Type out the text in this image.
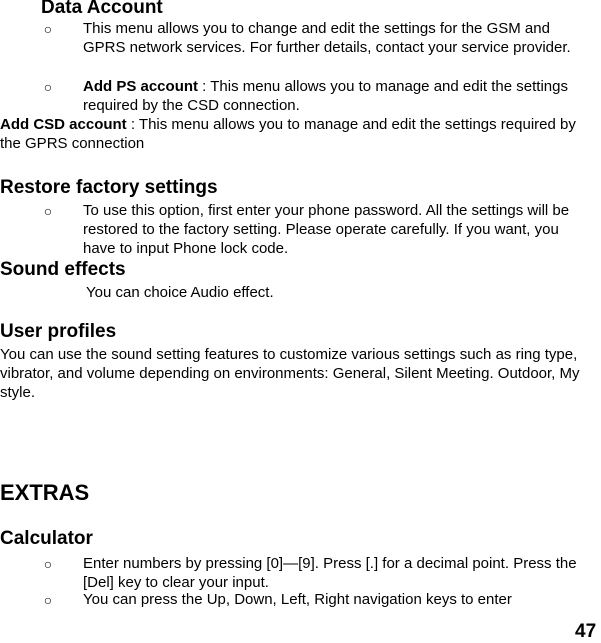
Data Account
○ This menu allows you to change and edit the settings for the GSM and GPRS network services. For further details, contact your service provider.
○ Add PS account : This menu allows you to manage and edit the settings required by the CSD connection.
Add CSD account : This menu allows you to manage and edit the settings required by the GPRS connection
Restore factory settings
○ To use this option, first enter your phone password. All the settings will be restored to the factory setting. Please operate carefully. If you want, you have to input Phone lock code.
Sound effects
You can choice Audio effect.
User profiles
You can use the sound setting features to customize various settings such as ring type, vibrator, and volume depending on environments: General, Silent Meeting. Outdoor, My style.
EXTRAS
Calculator
○ Enter numbers by pressing [0]—[9]. Press [.] for a decimal point. Press the [Del] key to clear your input.
○ You can press the Up, Down, Left, Right navigation keys to enter
47
